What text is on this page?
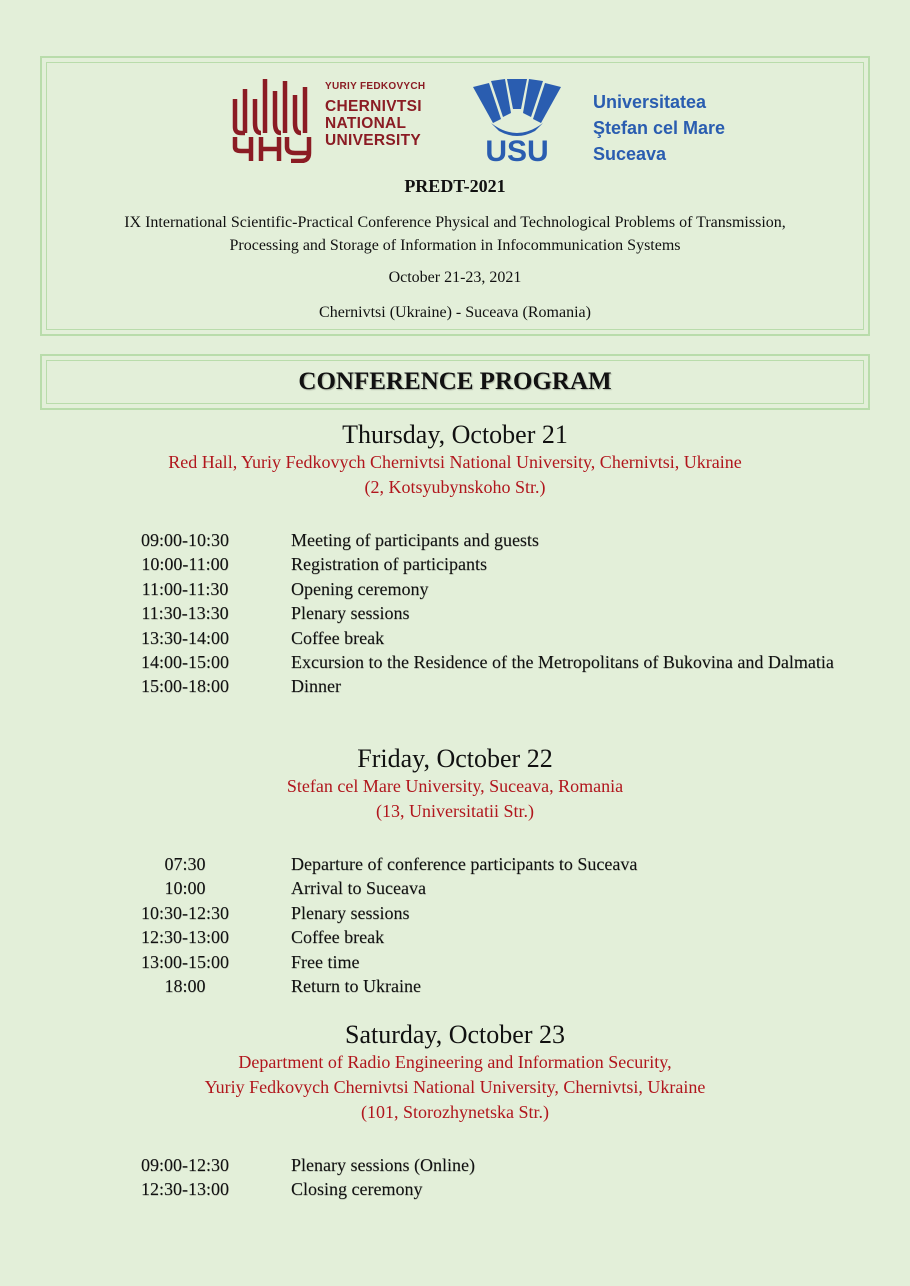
YURIY FEDKOVYCH
CHERNIVTSI
NATIONAL
UNIVERSITY USU
Universitatea
Ştefan cel Mare
Suceava
PREDT-2021
IX International Scientific-Practical Conference Physical and Technological Problems of Transmission,
Processing and Storage of Information in Infocommunication Systems
October 21-23, 2021
Chernivtsi (Ukraine) - Suceava (Romania)
CONFERENCE PROGRAM
Thursday, October 21
Red Hall, Yuriy Fedkovych Chernivtsi National University, Chernivtsi, Ukraine
(2, Kotsyubynskoho Str.)
09:00-10:30	Meeting of participants and guests
10:00-11:00	Registration of participants
11:00-11:30	Opening ceremony
11:30-13:30	Plenary sessions
13:30-14:00	Coffee break
14:00-15:00	Excursion to the Residence of the Metropolitans of Bukovina and Dalmatia
15:00-18:00	Dinner
Friday, October 22
Stefan cel Mare University, Suceava, Romania
(13, Universitatii Str.)
07:30	Departure of conference participants to Suceava
10:00	Arrival to Suceava
10:30-12:30	Plenary sessions
12:30-13:00	Coffee break
13:00-15:00	Free time
18:00	Return to Ukraine
Saturday, October 23
Department of Radio Engineering and Information Security,
Yuriy Fedkovych Chernivtsi National University, Chernivtsi, Ukraine
(101, Storozhynetska Str.)
09:00-12:30	Plenary sessions (Online)
12:30-13:00	Closing ceremony
